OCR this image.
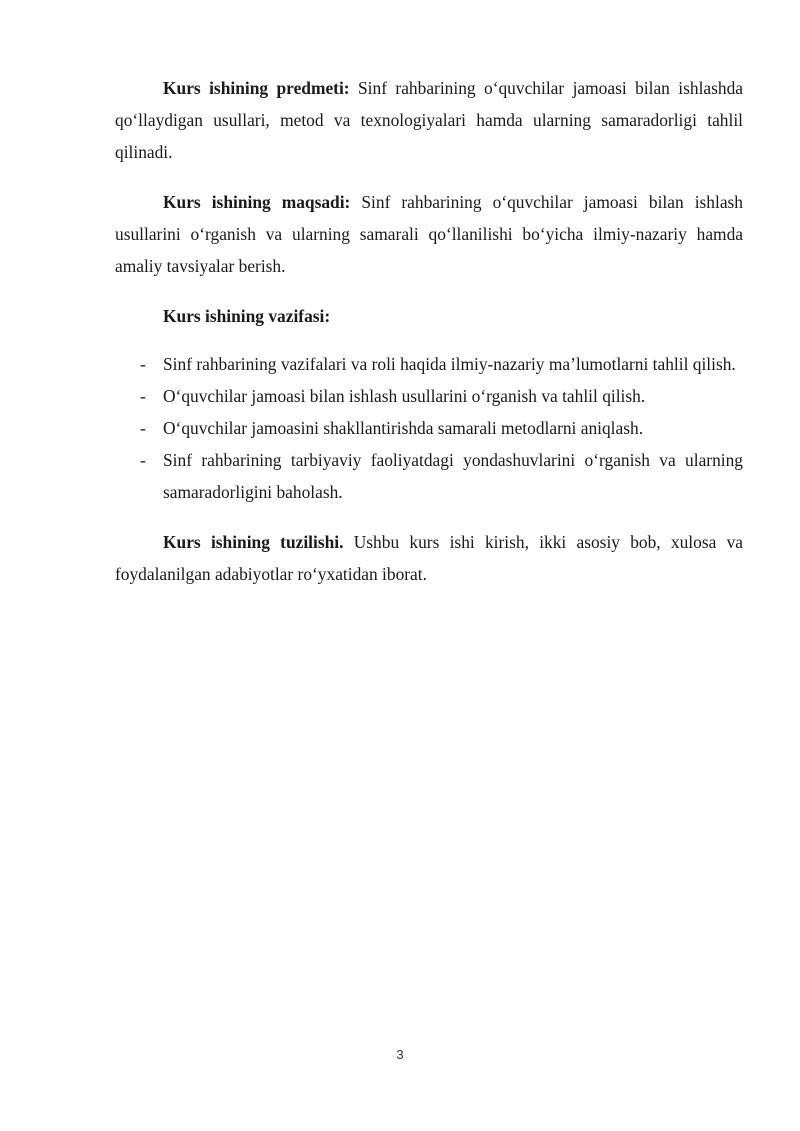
Kurs ishining predmeti: Sinf rahbarining o‘quvchilar jamoasi bilan ishlashda qo‘llaydigan usullari, metod va texnologiyalari hamda ularning samaradorligi tahlil qilinadi.

Kurs ishining maqsadi: Sinf rahbarining o‘quvchilar jamoasi bilan ishlash usullarini o‘rganish va ularning samarali qo‘llanilishi bo‘yicha ilmiy-nazariy hamda amaliy tavsiyalar berish.

Kurs ishining vazifasi:

- Sinf rahbarining vazifalari va roli haqida ilmiy-nazariy ma’lumotlarni tahlil qilish.
- O‘quvchilar jamoasi bilan ishlash usullarini o‘rganish va tahlil qilish.
- O‘quvchilar jamoasini shakllantirishda samarali metodlarni aniqlash.
- Sinf rahbarining tarbiyaviy faoliyatdagi yondashuvlarini o‘rganish va ularning samaradorligini baholash.

Kurs ishining tuzilishi. Ushbu kurs ishi kirish, ikki asosiy bob, xulosa va foydalanilgan adabiyotlar ro‘yxatidan iborat.

3
